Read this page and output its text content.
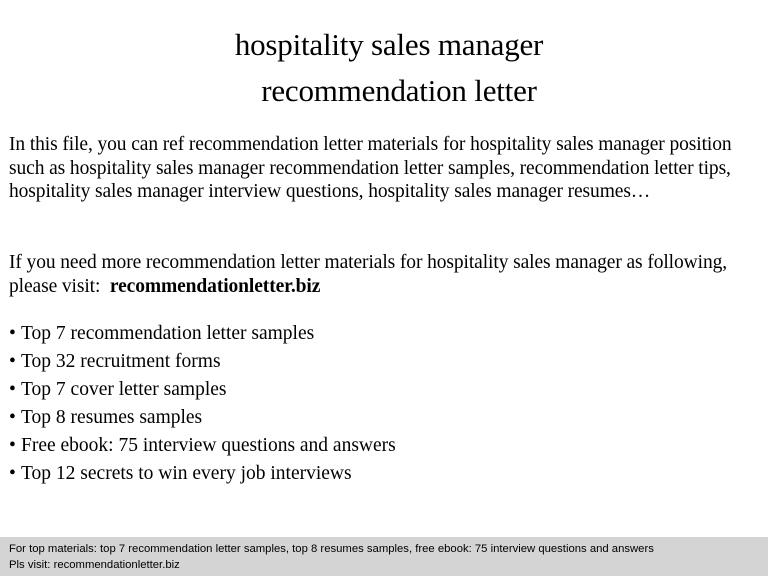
hospitality sales manager
recommendation letter
In this file, you can ref recommendation letter materials for hospitality sales manager position such as hospitality sales manager recommendation letter samples, recommendation letter tips, hospitality sales manager interview questions, hospitality sales manager resumes…
If you need more recommendation letter materials for hospitality sales manager as following, please visit: recommendationletter.biz
• Top 7 recommendation letter samples
• Top 32 recruitment forms
• Top 7 cover letter samples
• Top 8 resumes samples
• Free ebook: 75 interview questions and answers
• Top 12 secrets to win every job interviews
For top materials: top 7 recommendation letter samples, top 8 resumes samples, free ebook: 75 interview questions and answers
Pls visit: recommendationletter.biz
